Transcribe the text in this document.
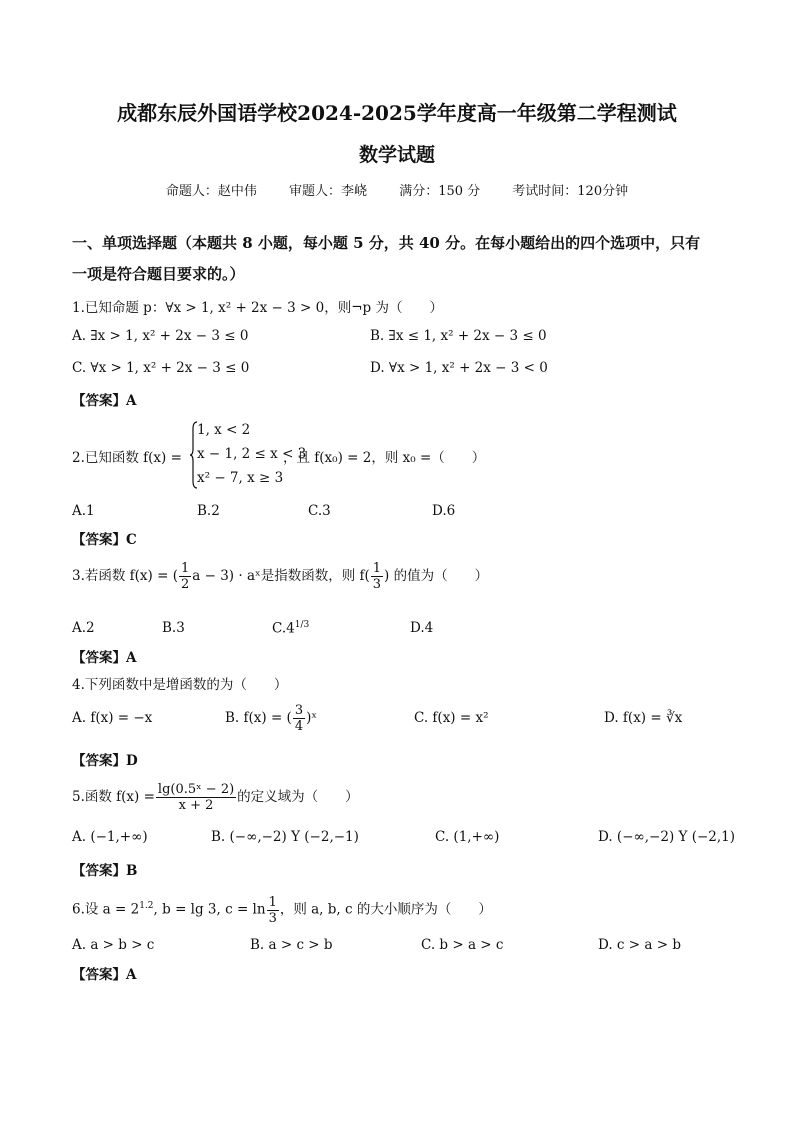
成都东辰外国语学校2024-2025学年度高一年级第二学程测试
数学试题
命题人：赵中伟 审题人：李峣 满分：150 分 考试时间：120分钟
一、单项选择题（本题共 8 小题，每小题 5 分，共 40 分。在每小题给出的四个选项中，只有
一项是符合题目要求的。）
1.已知命题 p：∀x > 1, x² + 2x − 3 > 0，则¬p 为（　　）
A. ∃x > 1, x² + 2x − 3 ≤ 0	B. ∃x ≤ 1, x² + 2x − 3 ≤ 0
C. ∀x > 1, x² + 2x − 3 ≤ 0	D. ∀x > 1, x² + 2x − 3 < 0
【答案】A
2.已知函数 f(x) =
1, x < 2
x − 1, 2 ≤ x < 3
x² − 7, x ≥ 3
，且 f(x₀) = 2，则 x₀ =（　　）
A.1	B.2	C.3	D.6
【答案】C
3.若函数 f(x) = ( $\frac{1}{2}$ a − 3) · aˣ是指数函数，则 $f( \frac{1}{3}$ ) 的值为（　　）
A.2	B.3	$C.4^{1/3}$	D.4
【答案】A
4.下列函数中是增函数的为（　　）
A. f(x) = −x	B. f(x) = ( $\frac{3}{4}$ )ˣ	C. f(x) = x²	D. f(x) = ∛x
【答案】D
5.函数 $f(x) = \frac{\text{lg(0.5ˣ − 2)}}{x + 2}$ 的定义域为（　　）
A. (−1,+∞)	B. (−∞,−2) Y (−2,−1)	C. (1,+∞)	D. (−∞,−2) Y (−2,1)
【答案】B
6.设 $a = 2^{1.2}$, b = lg 3, $c = \ln \frac{1}{3}$ ，则 a, b, c 的大小顺序为（　　）
A. a > b > c	B. a > c > b	C. b > a > c	D. c > a > b
【答案】A
